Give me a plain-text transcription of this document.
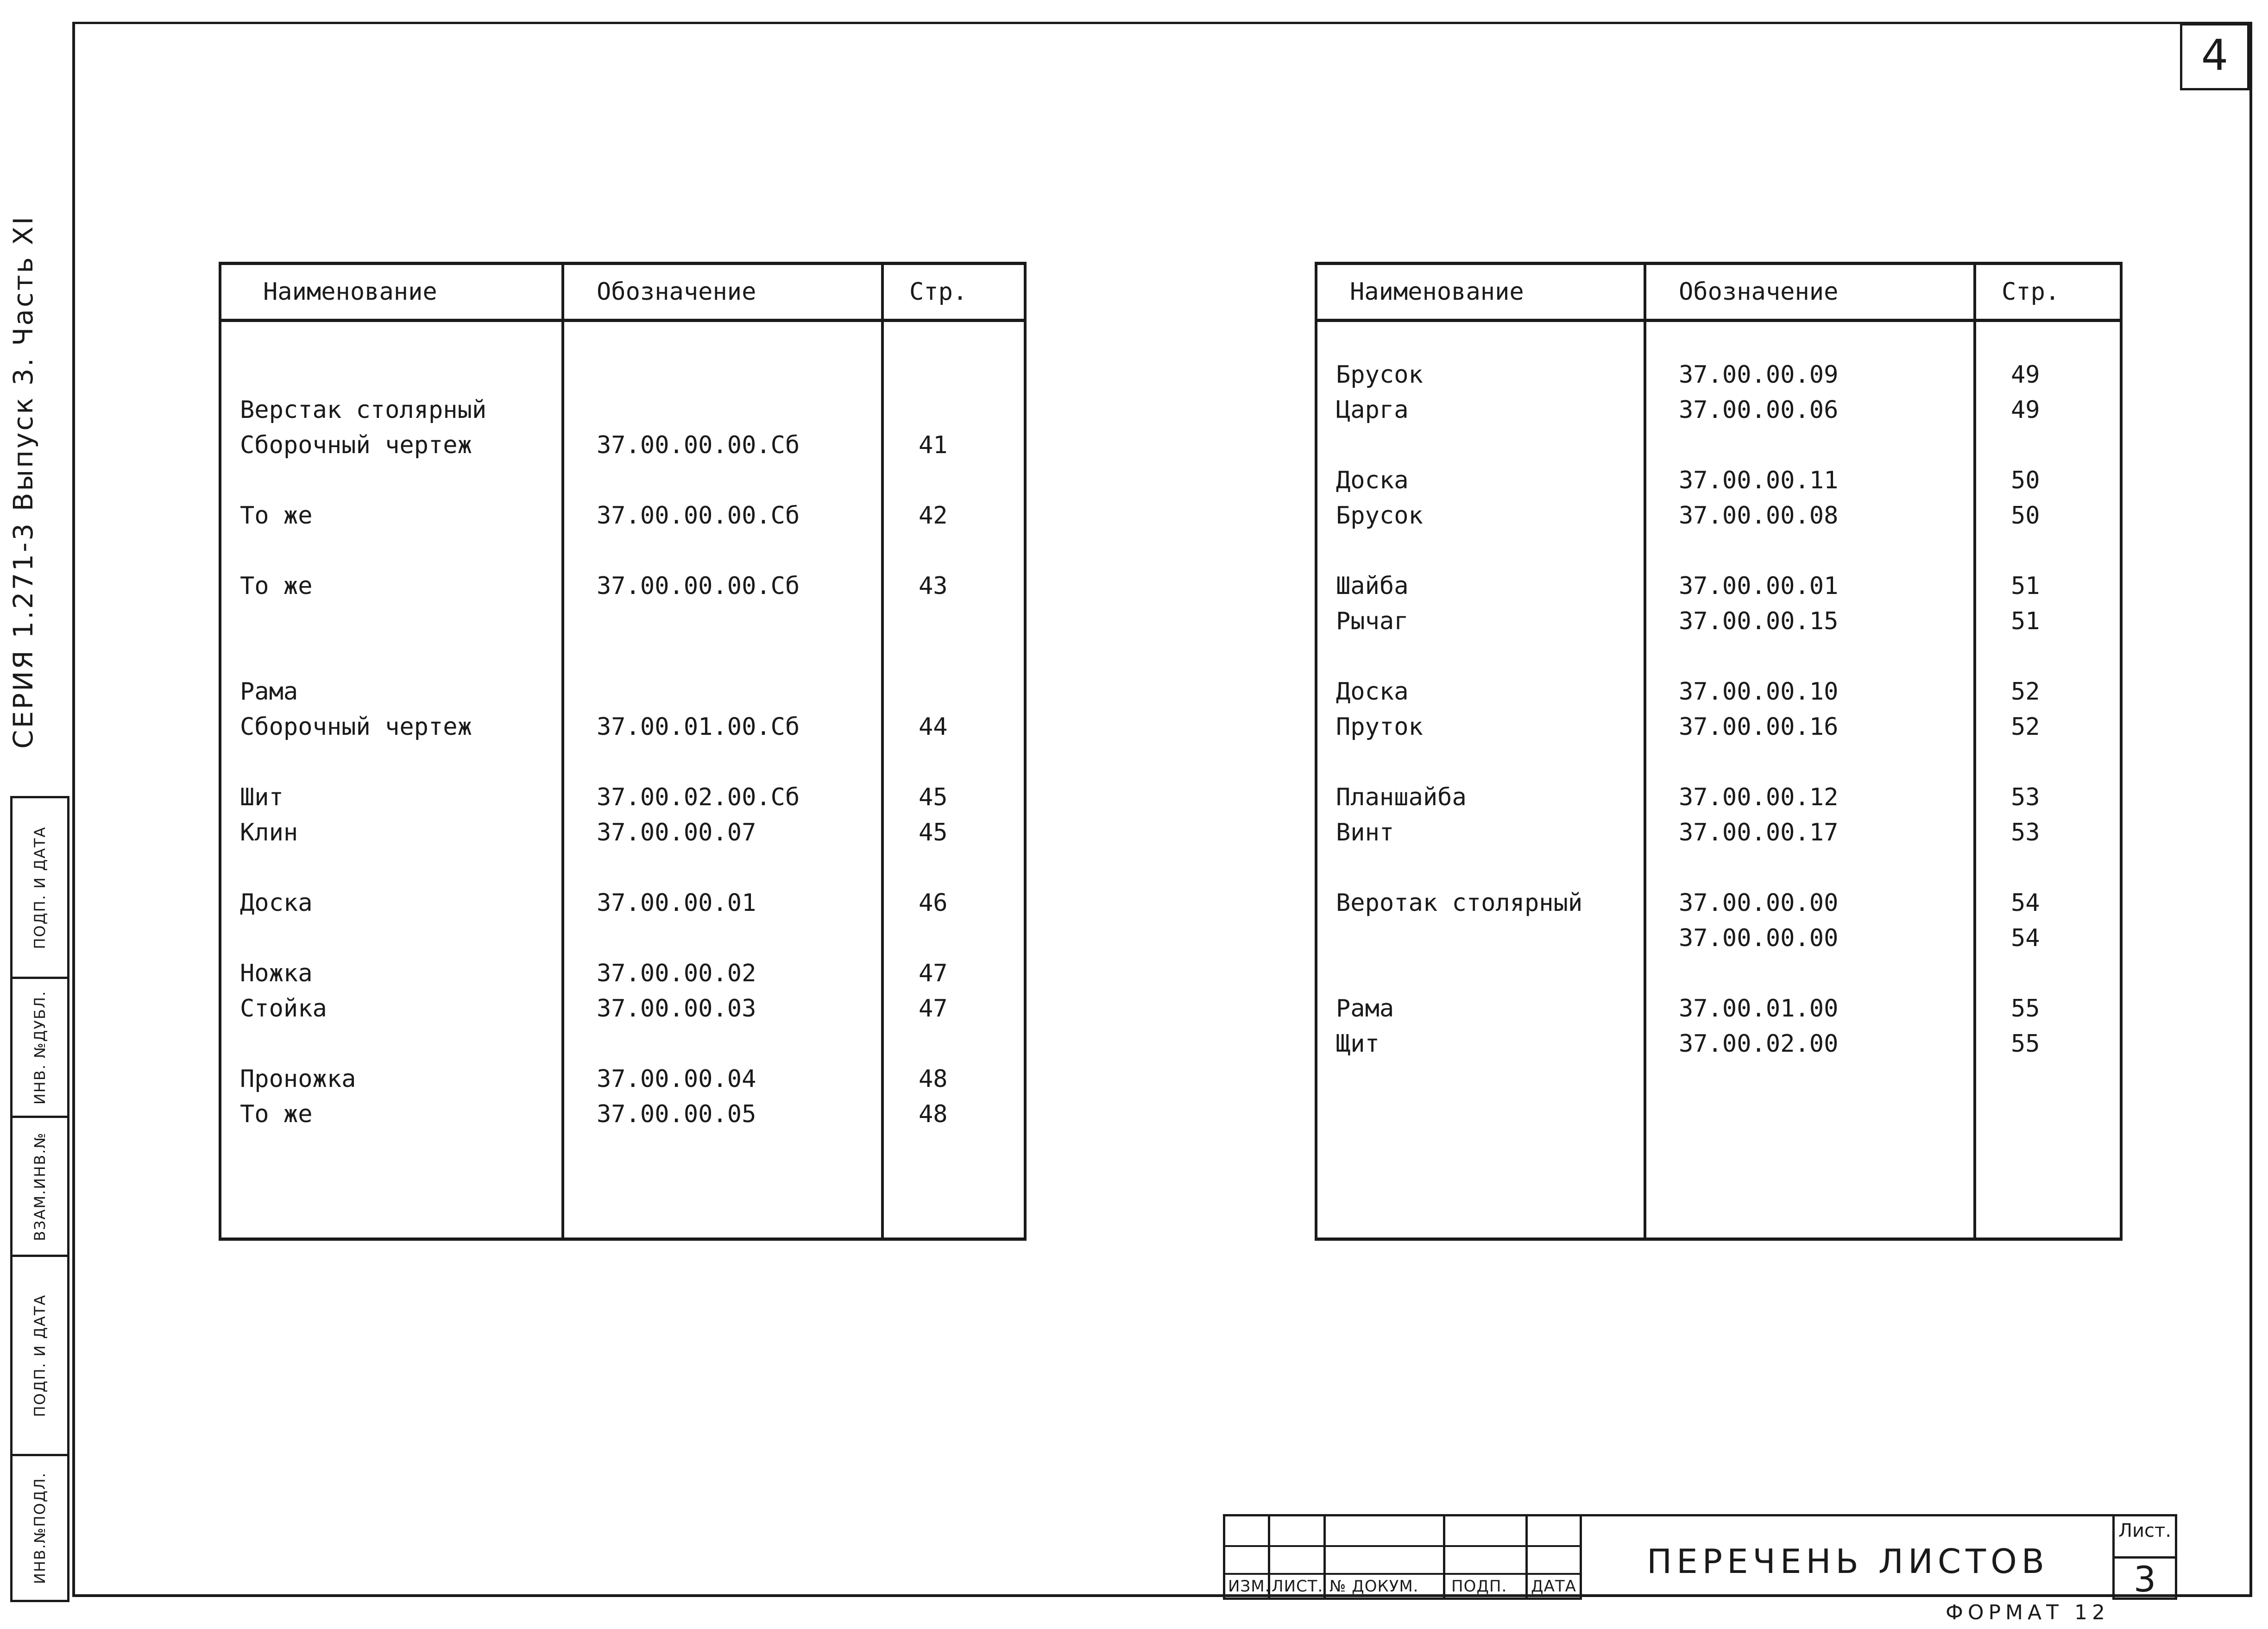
СЕРИЯ 1.271-3 Выпуск 3. Часть XI
ПОДП. И ДАТА
ИНВ. №ДУБЛ.
ВЗАМ.ИНВ.№
ПОДП. И ДАТА
ИНВ.№ПОДЛ.
4
Наименование	Обозначение	Стр.

Верстак столярный		
Сборочный чертеж	37.00.00.00.Сб	41

То же	37.00.00.00.Сб	42

То же	37.00.00.00.Сб	43

Рама		
Сборочный чертеж	37.00.01.00.Сб	44

Шит	37.00.02.00.Сб	45
Клин	37.00.00.07	45

Доска	37.00.00.01	46

Ножка	37.00.00.02	47
Стойка	37.00.00.03	47

Проножка	37.00.00.04	48
То же	37.00.00.05	48

Наименование	Обозначение	Стр.

Брусок	37.00.00.09	49
Царга	37.00.00.06	49

Доска	37.00.00.11	50
Брусок	37.00.00.08	50

Шайба	37.00.00.01	51
Рычаг	37.00.00.15	51

Доска	37.00.00.10	52
Пруток	37.00.00.16	52

Планшайба	37.00.00.12	53
Винт	37.00.00.17	53

Веротак столярный	37.00.00.00	54
	37.00.00.00	54

Рама	37.00.01.00	55
Щит	37.00.02.00	55

ИЗМ. ЛИСТ. № ДОКУМ. ПОДП. ДАТА
ПЕРЕЧЕНЬ ЛИСТОВ
Лист.
3
ФОРМАТ 12
